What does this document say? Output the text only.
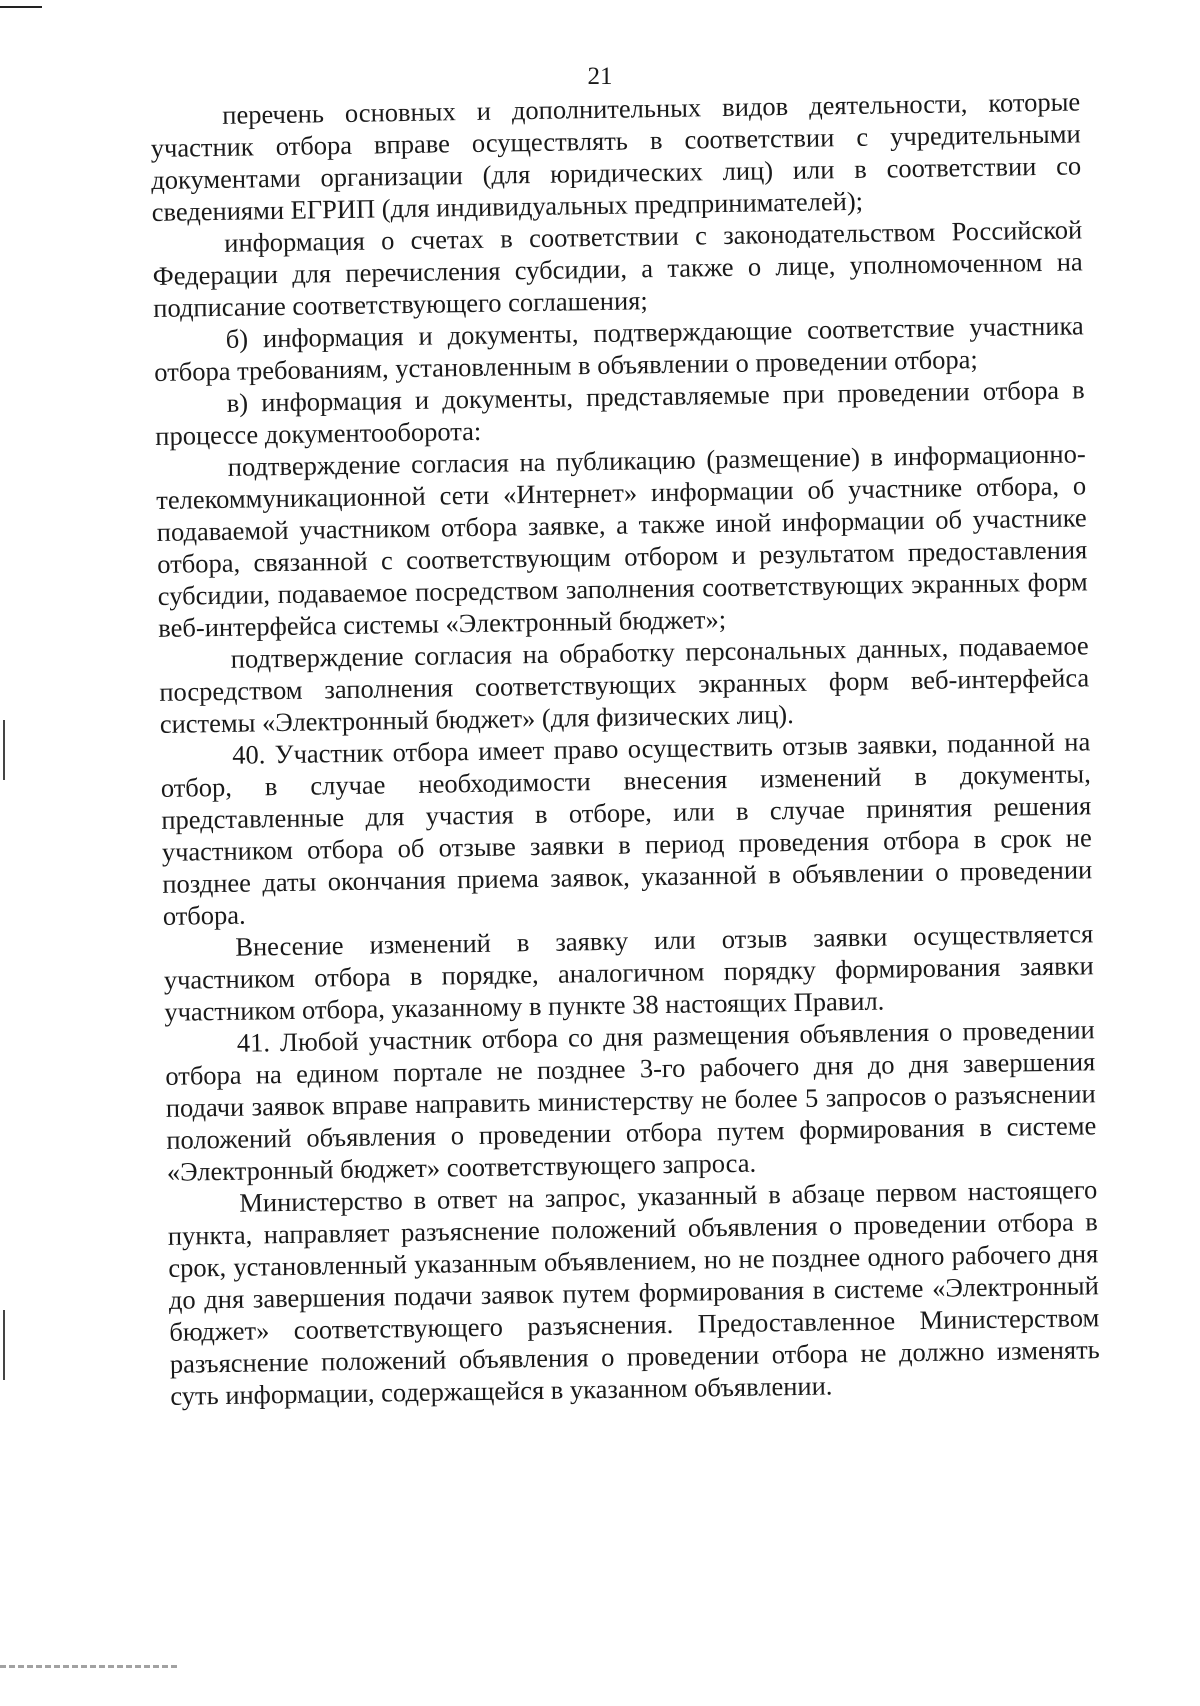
21

перечень основных и дополнительных видов деятельности, которые участник отбора вправе осуществлять в соответствии с учредительными документами организации (для юридических лиц) или в соответствии со сведениями ЕГРИП (для индивидуальных предпринимателей);

информация о счетах в соответствии с законодательством Российской Федерации для перечисления субсидии, а также о лице, уполномоченном на подписание соответствующего соглашения;

б) информация и документы, подтверждающие соответствие участника отбора требованиям, установленным в объявлении о проведении отбора;

в) информация и документы, представляемые при проведении отбора в процессе документооборота:

подтверждение согласия на публикацию (размещение) в информационно-телекоммуникационной сети «Интернет» информации об участнике отбора, о подаваемой участником отбора заявке, а также иной информации об участнике отбора, связанной с соответствующим отбором и результатом предоставления субсидии, подаваемое посредством заполнения соответствующих экранных форм веб-интерфейса системы «Электронный бюджет»;

подтверждение согласия на обработку персональных данных, подаваемое посредством заполнения соответствующих экранных форм веб-интерфейса системы «Электронный бюджет» (для физических лиц).

40. Участник отбора имеет право осуществить отзыв заявки, поданной на отбор, в случае необходимости внесения изменений в документы, представленные для участия в отборе, или в случае принятия решения участником отбора об отзыве заявки в период проведения отбора в срок не позднее даты окончания приема заявок, указанной в объявлении о проведении отбора.

Внесение изменений в заявку или отзыв заявки осуществляется участником отбора в порядке, аналогичном порядку формирования заявки участником отбора, указанному в пункте 38 настоящих Правил.

41. Любой участник отбора со дня размещения объявления о проведении отбора на едином портале не позднее 3-го рабочего дня до дня завершения подачи заявок вправе направить министерству не более 5 запросов о разъяснении положений объявления о проведении отбора путем формирования в системе «Электронный бюджет» соответствующего запроса.

Министерство в ответ на запрос, указанный в абзаце первом настоящего пункта, направляет разъяснение положений объявления о проведении отбора в срок, установленный указанным объявлением, но не позднее одного рабочего дня до дня завершения подачи заявок путем формирования в системе «Электронный бюджет» соответствующего разъяснения. Предоставленное Министерством разъяснение положений объявления о проведении отбора не должно изменять суть информации, содержащейся в указанном объявлении.
